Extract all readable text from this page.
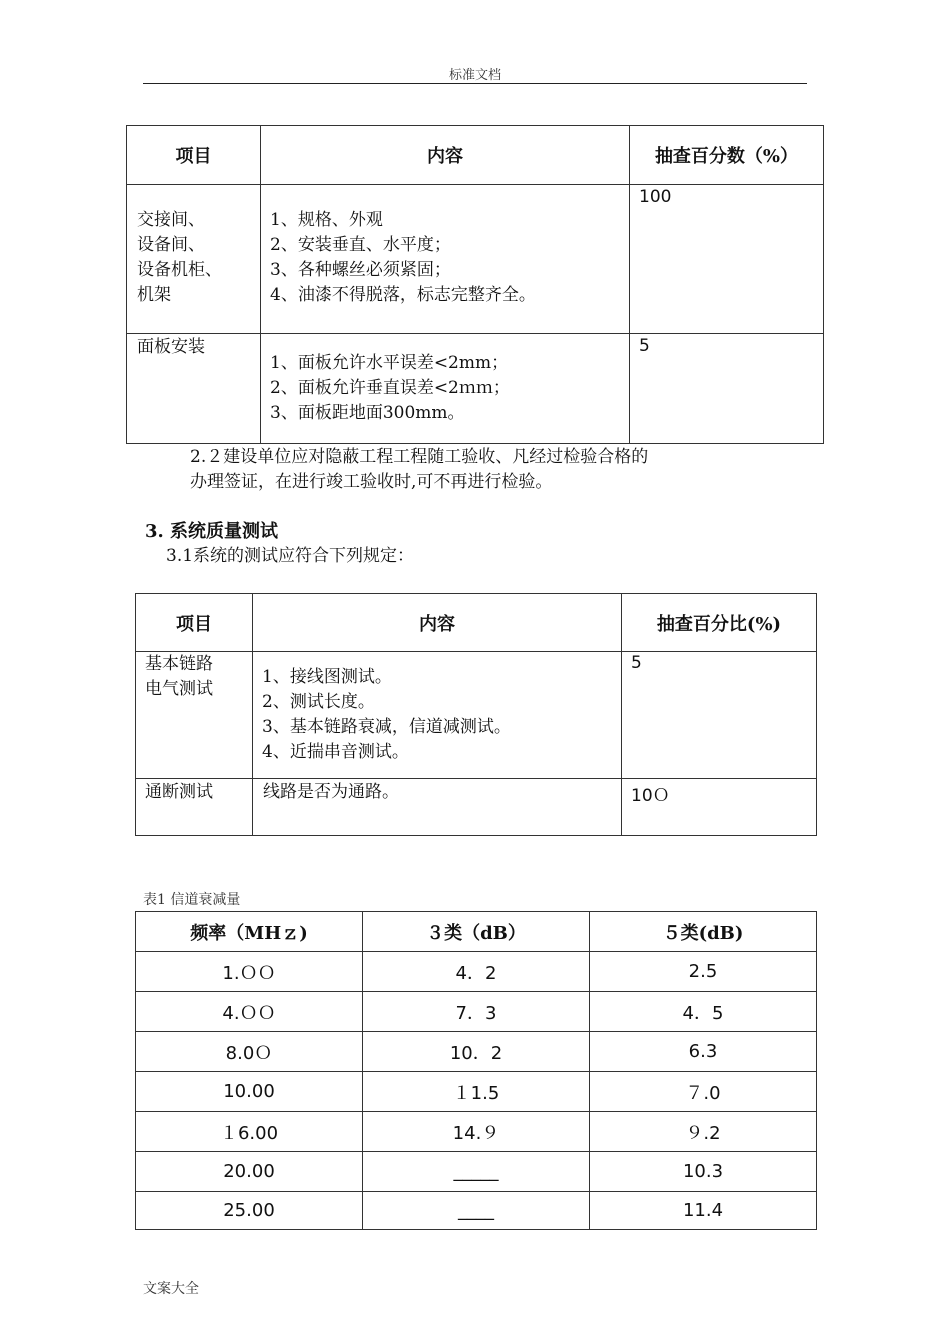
标准文档
项目	内容	抽查百分数（%）

交接间、
设备间、
设备机柜、
机架	1、规格、外观
2、安装垂直、水平度；
3、各种螺丝必须紧固；
4、油漆不得脱落，标志完整齐全。	100

面板安装	1、面板允许水平误差<2mm；
2、面板允许垂直误差<2ｍｍ；
3、面板距地面300mm。	5
2.２建设单位应对隐蔽工程工程随工验收、凡经过检验合格的
办理签证，在进行竣工验收时,可不再进行检验。
3. 系统质量测试
3.1系统的测试应符合下列规定：
项目	内容	抽查百分比(%)

基本链路
电气测试	1、接线图测试。
2、测试长度。
3、基本链路衰减，信道减测试。
4、近揣串音测试。	5

通断测试	线路是否为通路。	10Ｏ
表1 信道衰减量
频率（MHｚ)	３类（dB）	５类(dB)
1.ＯＯ	4．2	2.5
4.ＯＯ	7．3	4．5
8.0Ｏ	10．2	6.3
10.00	１1.5	７.0
１6.00	14.９	９.2
20.00	_____	10.3
25.00	____	11.4
文案大全
